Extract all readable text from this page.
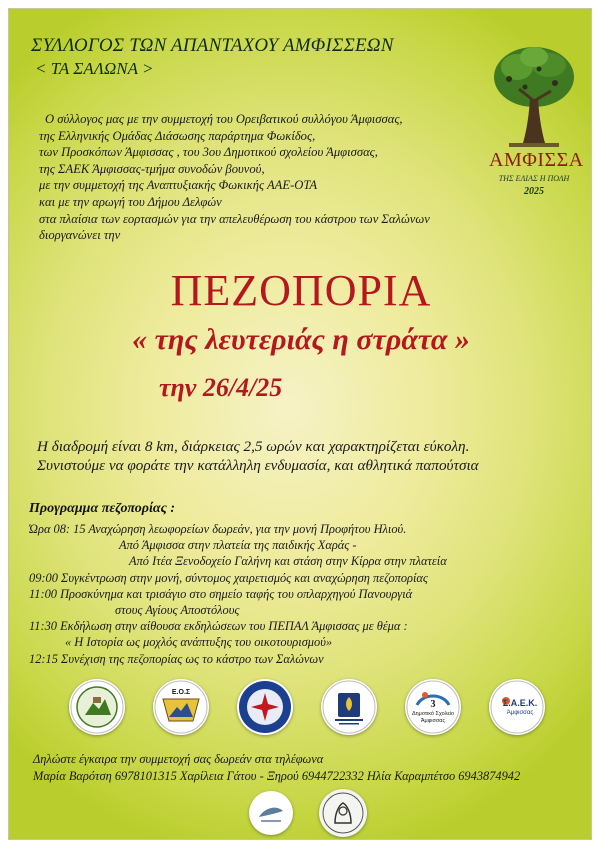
ΣΥΛΛΟΓΟΣ ΤΩΝ ΑΠΑΝΤΑΧΟΥ ΑΜΦΙΣΣΕΩΝ
< ΤΑ ΣΑΛΩΝΑ >
ΑΜΦΙΣΣΑ
ΤΗΣ ΕΛΙΑΣ Η ΠΟΛΗ
2025
Ο σύλλογος μας με την συμμετοχή του Ορειβατικού συλλόγου Άμφισσας,
της Ελληνικής Ομάδας Διάσωσης παράρτημα Φωκίδος,
των Προσκόπων Άμφισσας , του 3ου Δημοτικού σχολείου Άμφισσας,
της ΣΑΕΚ Άμφισσας-τμήμα συνοδών βουνού,
με την συμμετοχή της Αναπτυξιακής Φωκικής ΑΑΕ-ΟΤΑ
και με την αρωγή του Δήμου Δελφών
στα πλαίσια των εορτασμών για την απελευθέρωση του κάστρου των Σαλώνων
διοργανώνει την
ΠΕΖΟΠΟΡΙΑ
« της λευτεριάς η στράτα »
την 26/4/25
Η διαδρομή είναι 8 km, διάρκειας 2,5 ωρών και χαρακτηρίζεται εύκολη.
Συνιστούμε να φοράτε την κατάλληλη ενδυμασία, και αθλητικά παπούτσια
Προγραμμα πεζοπορίας :
Ώρα 08: 15 Αναχώρηση λεωφορείων δωρεάν, για την μονή Προφήτου Ηλιού.
Από Άμφισσα στην πλατεία της παιδικής Χαράς -
Από Ιτέα Ξενοδοχείο Γαλήνη και στάση στην Κίρρα στην πλατεία
09:00 Συγκέντρωση στην μονή, σύντομος χαιρετισμός και αναχώρηση πεζοπορίας
11:00 Προσκύνημα και τρισάγιο στο σημείο ταφής του οπλαρχηγού Πανουργιά
στους Αγίους Αποστόλους
11:30 Εκδήλωση στην αίθουσα εκδηλώσεων του ΠΕΠΑΛ Άμφισσας με θέμα :
« Η Ιστορία ως μοχλός ανάπτυξης του οικοτουρισμού»
12:15 Συνέχιση της πεζοπορίας ως το κάστρο των Σαλώνων
Ε.Ο.Σ
3
Δημοτικό Σχολείο
Άμφισσας
Σ.Α.Ε.Κ.
Άμφισσας
Δηλώστε έγκαιρα την συμμετοχή σας δωρεάν στα τηλέφωνα
Μαρία Βαρότση 6978101315 Χαρίλεια Γάτου - Ξηρού 6944722332 Ηλία Καραμπέτσο 6943874942
